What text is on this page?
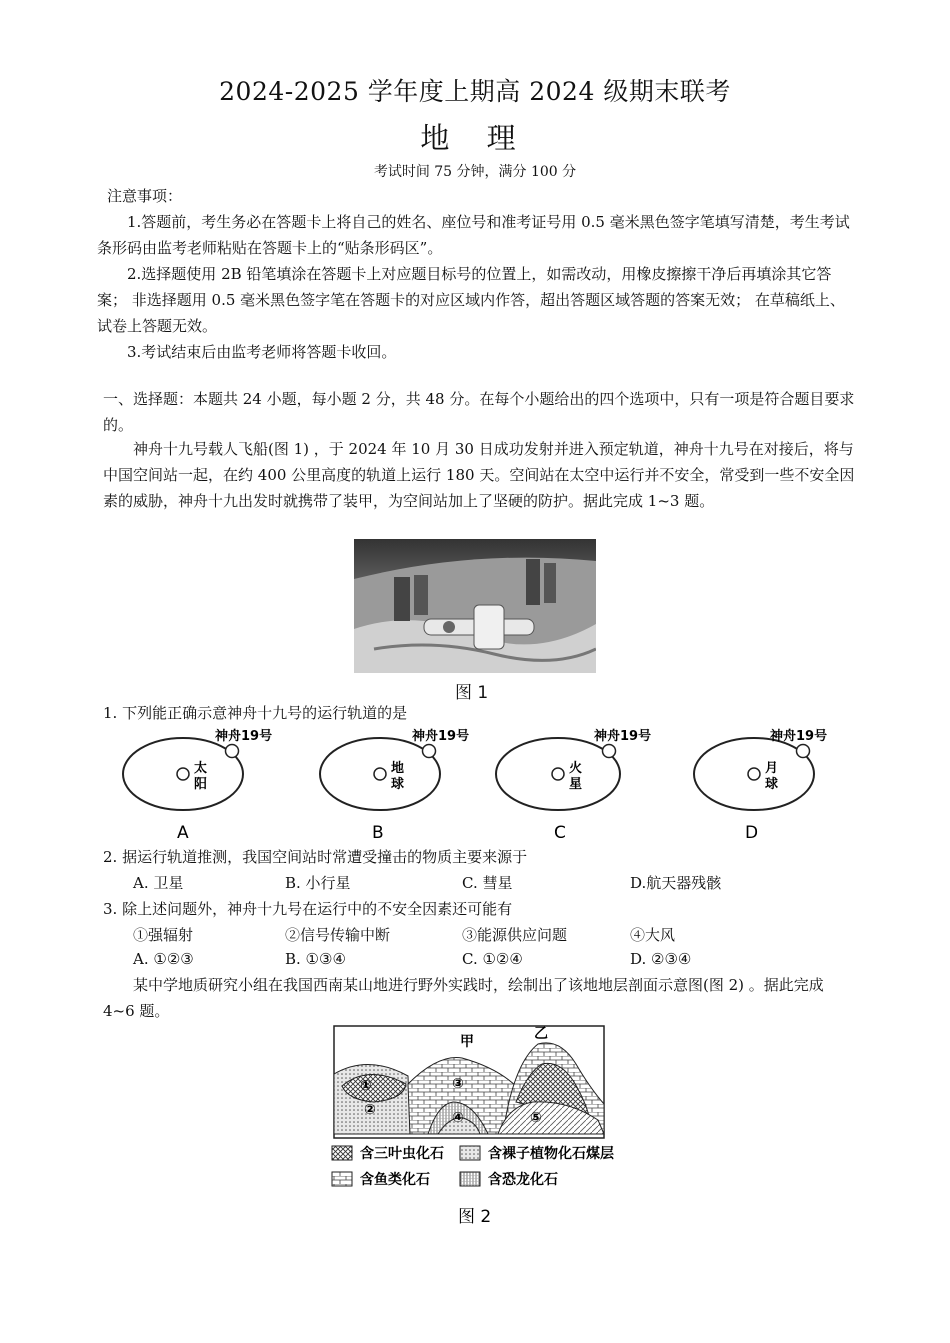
2024-2025 学年度上期高 2024 级期末联考
地 理
考试时间 75 分钟，满分 100 分

注意事项：

1.答题前，考生务必在答题卡上将自己的姓名、座位号和准考证号用 0.5 毫米黑色签字笔填写清楚，考生考试条形码由监考老师粘贴在答题卡上的“贴条形码区”。

2.选择题使用 2B 铅笔填涂在答题卡上对应题目标号的位置上，如需改动，用橡皮擦擦干净后再填涂其它答案； 非选择题用 0.5 毫米黑色签字笔在答题卡的对应区域内作答，超出答题区域答题的答案无效； 在草稿纸上、试卷上答题无效。

3.考试结束后由监考老师将答题卡收回。

一、选择题：本题共 24 小题，每小题 2 分，共 48 分。在每个小题给出的四个选项中，只有一项是符合题目要求的。

神舟十九号载人飞船(图 1) ，于 2024 年 10 月 30 日成功发射并进入预定轨道，神舟十九号在对接后，将与中国空间站一起，在约 400 公里高度的轨道上运行 180 天。空间站在太空中运行并不安全，常受到一些不安全因素的威胁，神舟十九出发时就携带了装甲，为空间站加上了坚硬的防护。据此完成 1~3 题。
图 1
1. 下列能正确示意神舟十九号的运行轨道的是
神舟19号
太
阳
A
神舟19号
地
球
B
神舟19号
火
星
C
神舟19号
月
球
D
2. 据运行轨道推测，我国空间站时常遭受撞击的物质主要来源于
A. 卫星	B. 小行星	C. 彗星	D.航天器残骸
3. 除上述问题外，神舟十九号在运行中的不安全因素还可能有
①强辐射	②信号传输中断	③能源供应问题	④大风
A. ①②③	B. ①③④	C. ①②④	D. ②③④
某中学地质研究小组在我国西南某山地进行野外实践时，绘制出了该地地层剖面示意图(图 2) 。据此完成 4~6 题。
甲	乙
①
②
③
④	⑤
含三叶虫化石	含裸子植物化石煤层
含鱼类化石	含恐龙化石
图 2
